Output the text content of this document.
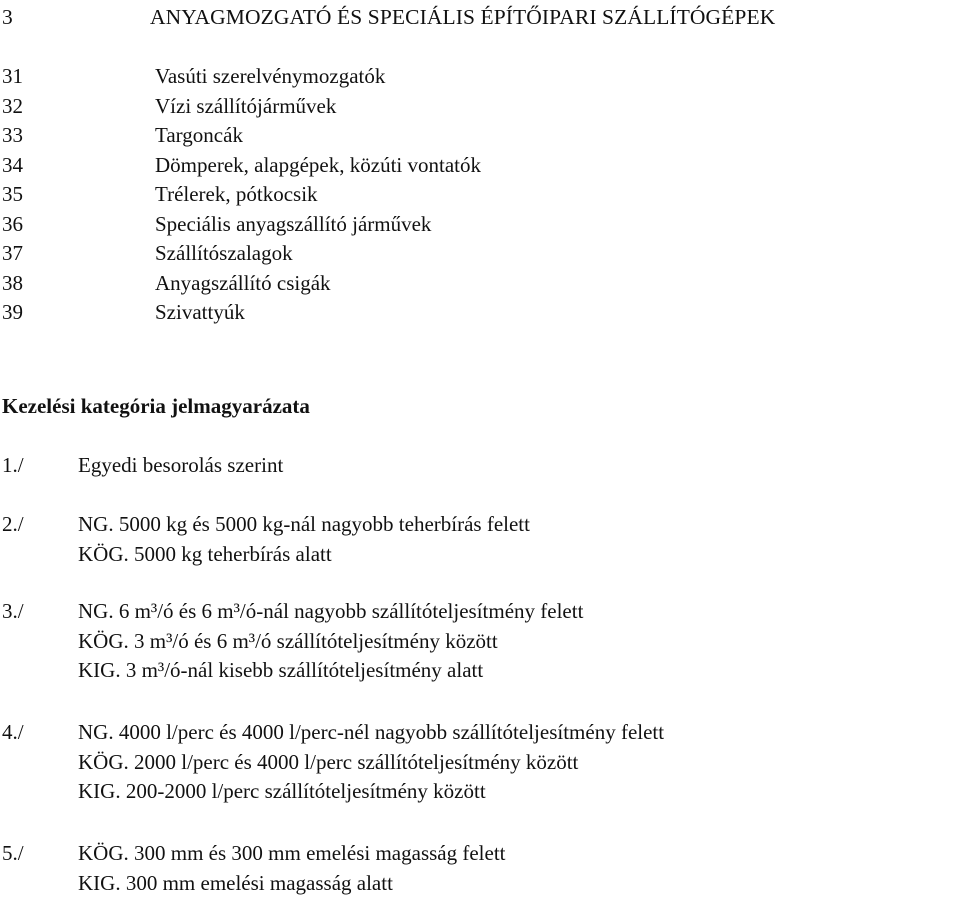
3	ANYAGMOZGATÓ ÉS SPECIÁLIS ÉPÍTŐIPARI SZÁLLÍTÓGÉPEK
31	Vasúti szerelvénymozgatók
32	Vízi szállítójárművek
33	Targoncák
34	Dömperek, alapgépek, közúti vontatók
35	Trélerek, pótkocsik
36	Speciális anyagszállító járművek
37	Szállítószalagok
38	Anyagszállító csigák
39	Szivattyúk
Kezelési kategória jelmagyarázata
1./	Egyedi besorolás szerint
2./	NG. 5000 kg és 5000 kg-nál nagyobb teherbírás felett
KÖG. 5000 kg teherbírás alatt
3./	NG. 6 m³/ó és 6 m³/ó-nál nagyobb szállítóteljesítmény felett
KÖG. 3 m³/ó és 6 m³/ó szállítóteljesítmény között
KIG. 3 m³/ó-nál kisebb szállítóteljesítmény alatt
4./	NG. 4000 l/perc és 4000 l/perc-nél nagyobb szállítóteljesítmény felett
KÖG. 2000 l/perc és 4000 l/perc szállítóteljesítmény között
KIG. 200-2000 l/perc szállítóteljesítmény között
5./	KÖG. 300 mm és 300 mm emelési magasság felett
KIG. 300 mm emelési magasság alatt
